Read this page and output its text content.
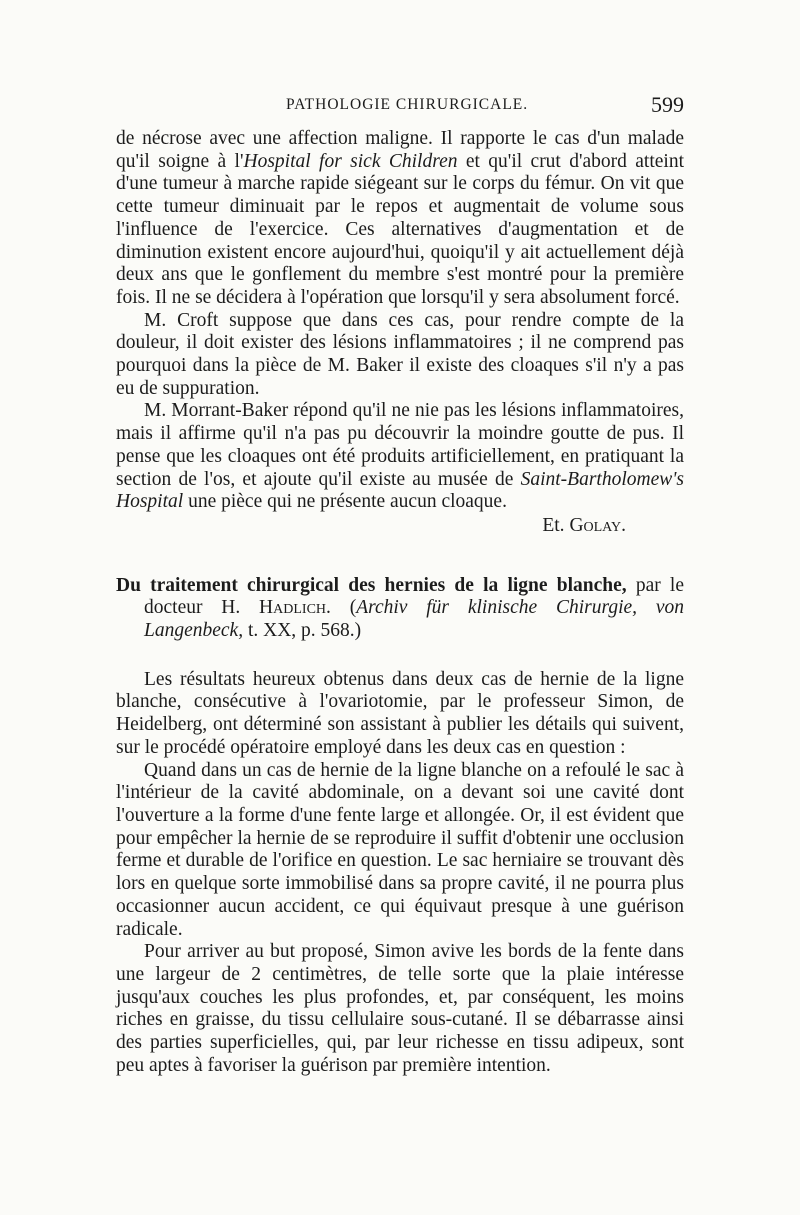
PATHOLOGIE CHIRURGICALE.	599

de nécrose avec une affection maligne. Il rapporte le cas d'un malade qu'il soigne à l'Hospital for sick Children et qu'il crut d'abord atteint d'une tumeur à marche rapide siégeant sur le corps du fémur. On vit que cette tumeur diminuait par le repos et augmentait de volume sous l'influence de l'exercice. Ces alternatives d'augmentation et de diminution existent encore aujourd'hui, quoiqu'il y ait actuellement déjà deux ans que le gonflement du membre s'est montré pour la première fois. Il ne se décidera à l'opération que lorsqu'il y sera absolument forcé.

M. Croft suppose que dans ces cas, pour rendre compte de la douleur, il doit exister des lésions inflammatoires ; il ne comprend pas pourquoi dans la pièce de M. Baker il existe des cloaques s'il n'y a pas eu de suppuration.

M. Morrant-Baker répond qu'il ne nie pas les lésions inflammatoires, mais il affirme qu'il n'a pas pu découvrir la moindre goutte de pus. Il pense que les cloaques ont été produits artificiellement, en pratiquant la section de l'os, et ajoute qu'il existe au musée de Saint-Bartholomew's Hospital une pièce qui ne présente aucun cloaque.

Et. Golay.

Du traitement chirurgical des hernies de la ligne blanche, par le docteur H. Hadlich. (Archiv für klinische Chirurgie, von Langenbeck, t. XX, p. 568.)

Les résultats heureux obtenus dans deux cas de hernie de la ligne blanche, consécutive à l'ovariotomie, par le professeur Simon, de Heidelberg, ont déterminé son assistant à publier les détails qui suivent, sur le procédé opératoire employé dans les deux cas en question :

Quand dans un cas de hernie de la ligne blanche on a refoulé le sac à l'intérieur de la cavité abdominale, on a devant soi une cavité dont l'ouverture a la forme d'une fente large et allongée. Or, il est évident que pour empêcher la hernie de se reproduire il suffit d'obtenir une occlusion ferme et durable de l'orifice en question. Le sac herniaire se trouvant dès lors en quelque sorte immobilisé dans sa propre cavité, il ne pourra plus occasionner aucun accident, ce qui équivaut presque à une guérison radicale.

Pour arriver au but proposé, Simon avive les bords de la fente dans une largeur de 2 centimètres, de telle sorte que la plaie intéresse jusqu'aux couches les plus profondes, et, par conséquent, les moins riches en graisse, du tissu cellulaire sous-cutané. Il se débarrasse ainsi des parties superficielles, qui, par leur richesse en tissu adipeux, sont peu aptes à favoriser la guérison par première intention.
